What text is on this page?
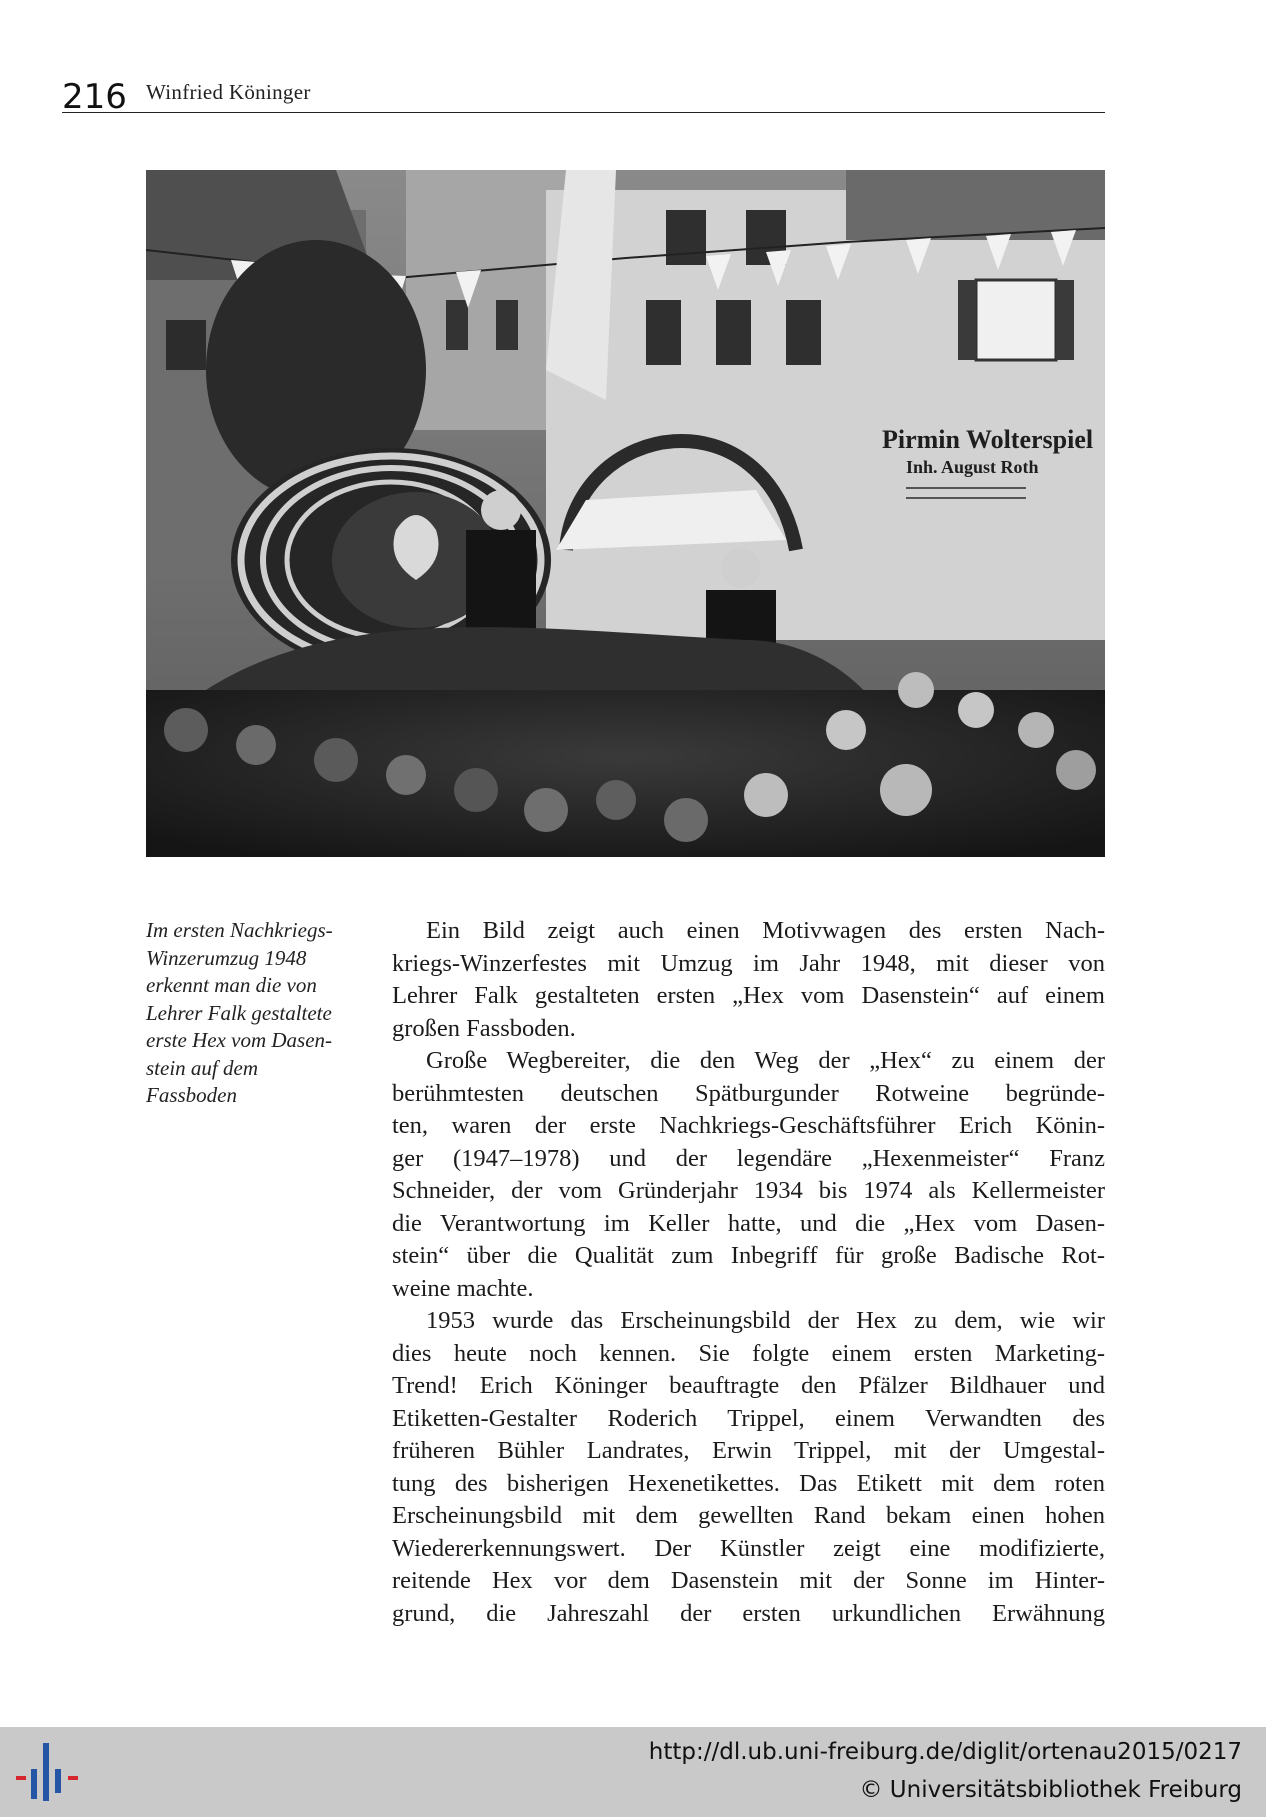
216 Winfried Köninger
Pirmin Wolterspiel
Inh. August Roth
Im ersten Nachkriegs-
Winzerumzug 1948
erkennt man die von
Lehrer Falk gestaltete
erste Hex vom Dasen-
stein auf dem
Fassboden
Ein Bild zeigt auch einen Motivwagen des ersten Nach-
kriegs-Winzerfestes mit Umzug im Jahr 1948, mit dieser von
Lehrer Falk gestalteten ersten „Hex vom Dasenstein“ auf einem
großen Fassboden.
Große Wegbereiter, die den Weg der „Hex“ zu einem der
berühmtesten deutschen Spätburgunder Rotweine begründe-
ten, waren der erste Nachkriegs-Geschäftsführer Erich Könin-
ger (1947–1978) und der legendäre „Hexenmeister“ Franz
Schneider, der vom Gründerjahr 1934 bis 1974 als Kellermeister
die Verantwortung im Keller hatte, und die „Hex vom Dasen-
stein“ über die Qualität zum Inbegriff für große Badische Rot-
weine machte.
1953 wurde das Erscheinungsbild der Hex zu dem, wie wir
dies heute noch kennen. Sie folgte einem ersten Marketing-
Trend! Erich Köninger beauftragte den Pfälzer Bildhauer und
Etiketten-Gestalter Roderich Trippel, einem Verwandten des
früheren Bühler Landrates, Erwin Trippel, mit der Umgestal-
tung des bisherigen Hexenetikettes. Das Etikett mit dem roten
Erscheinungsbild mit dem gewellten Rand bekam einen hohen
Wiedererkennungswert. Der Künstler zeigt eine modifizierte,
reitende Hex vor dem Dasenstein mit der Sonne im Hinter-
grund, die Jahreszahl der ersten urkundlichen Erwähnung
http://dl.ub.uni-freiburg.de/diglit/ortenau2015/0217
© Universitätsbibliothek Freiburg
